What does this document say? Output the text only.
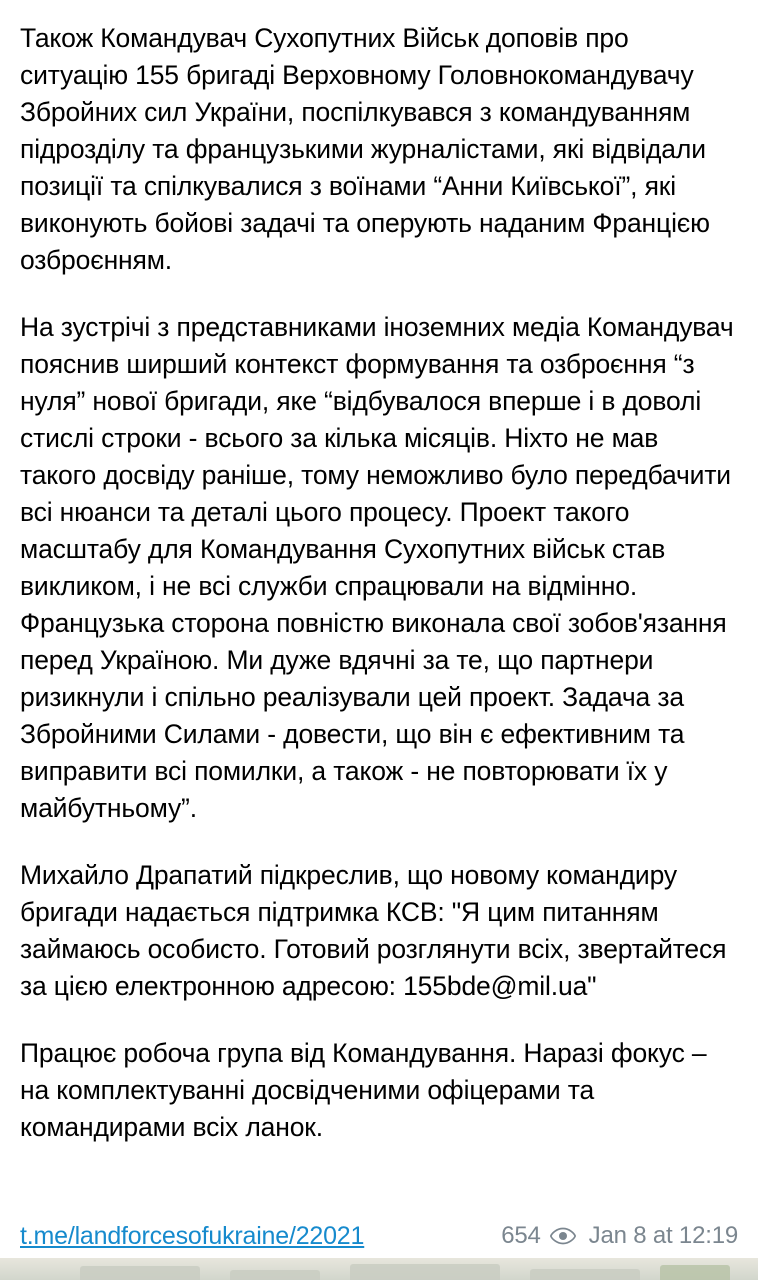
Також Командувач Сухопутних Військ доповів про ситуацію 155 бригаді Верховному Головнокомандувачу Збройних сил України, поспілкувався з командуванням підрозділу та французькими журналістами, які відвідали позиції та спілкувалися з воїнами “Анни Київської”, які виконують бойові задачі та оперують наданим Францією озброєнням.

На зустрічі з представниками іноземних медіа Командувач пояснив ширший контекст формування та озброєння “з нуля” нової бригади, яке “відбувалося вперше і в доволі стислі строки - всього за кілька місяців. Ніхто не мав такого досвіду раніше, тому неможливо було передбачити всі нюанси та деталі цього процесу. Проект такого масштабу для Командування Сухопутних військ став викликом, і не всі служби спрацювали на відмінно. Французька сторона повністю виконала свої зобов'язання перед Україною. Ми дуже вдячні за те, що партнери ризикнули і спільно реалізували цей проект. Задача за Збройними Силами - довести, що він є ефективним та виправити всі помилки, а також - не повторювати їх у майбутньому”.

Михайло Драпатий підкреслив, що новому командиру бригади надається підтримка КСВ: "Я цим питанням займаюсь особисто. Готовий розглянути всіх, звертайтеся за цією електронною адресою: 155bde@mil.ua"

Працює робоча група від Командування. Наразі фокус – на комплектуванні досвідченими офіцерами та командирами всіх ланок.

t.me/landforcesofukraine/22021	654 Jan 8 at 12:19
